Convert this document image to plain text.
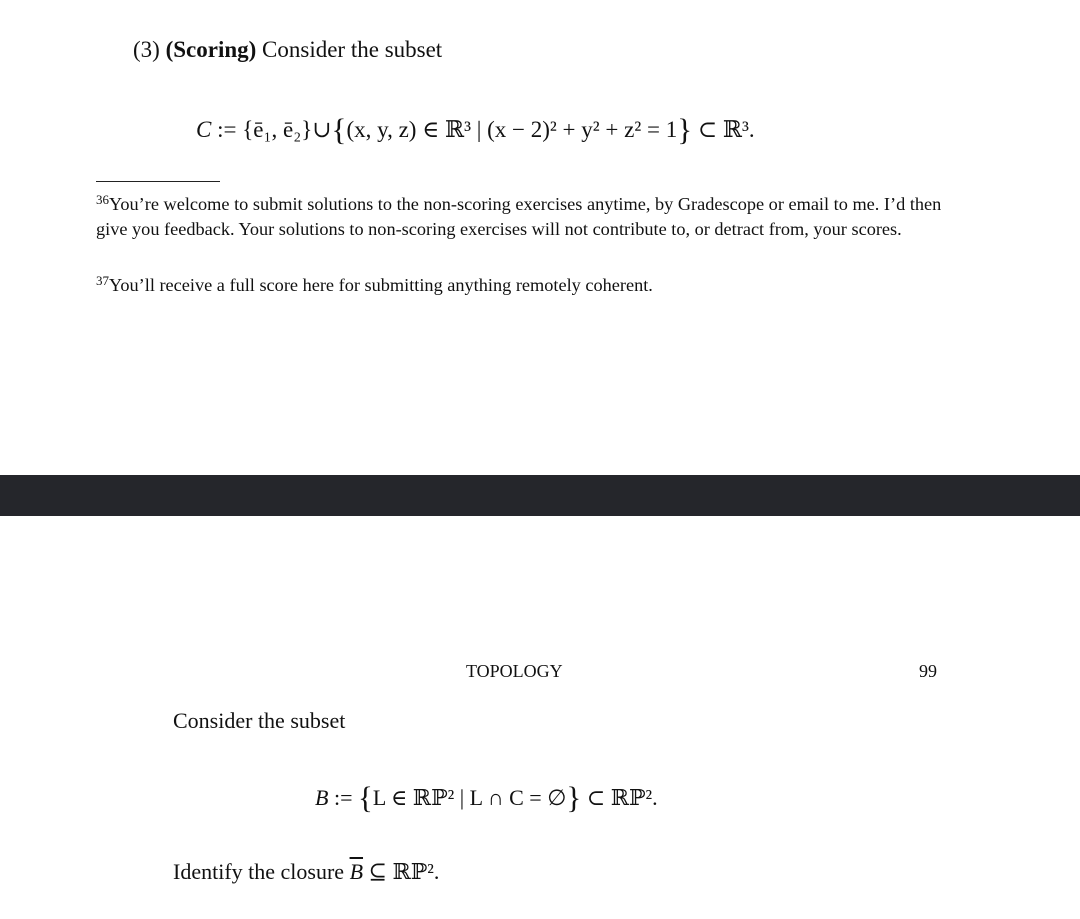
(3) (Scoring) Consider the subset
C := {ē₁, ē₂}∪{(x, y, z) ∈ ℝ³ | (x − 2)² + y² + z² = 1} ⊂ ℝ³.
$^{36}$You’re welcome to submit solutions to the non-scoring exercises anytime, by Gradescope or email to me. I’d then give you feedback. Your solutions to non-scoring exercises will not contribute to, or detract from, your scores.
$^{37}$You’ll receive a full score here for submitting anything remotely coherent.
TOPOLOGY	99
Consider the subset
B := {L ∈ ℝℙ² | L ∩ C = ∅} ⊂ ℝℙ².
Identify the closure $\overline{B}$ ⊆ ℝℙ².
